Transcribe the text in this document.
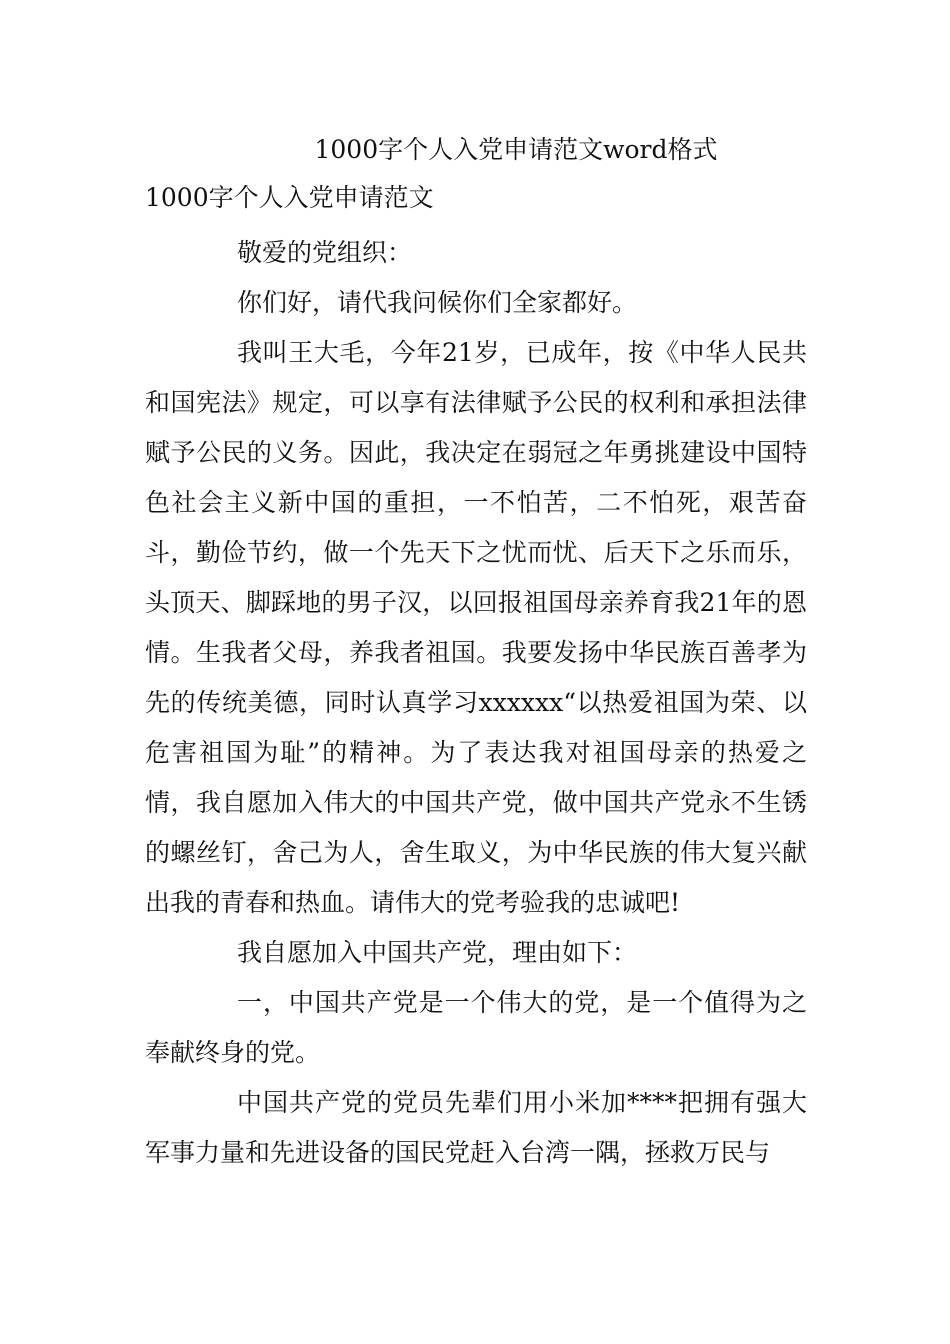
1000字个人入党申请范文word格式
1000字个人入党申请范文

敬爱的党组织：

你们好，请代我问候你们全家都好。

我叫王大毛，今年21岁，已成年，按《中华人民共和国宪法》规定，可以享有法律赋予公民的权利和承担法律赋予公民的义务。因此，我决定在弱冠之年勇挑建设中国特色社会主义新中国的重担，一不怕苦，二不怕死，艰苦奋斗，勤俭节约，做一个先天下之忧而忧、后天下之乐而乐，头顶天、脚踩地的男子汉，以回报祖国母亲养育我21年的恩情。生我者父母，养我者祖国。我要发扬中华民族百善孝为先的传统美德，同时认真学习xxxxxx“以热爱祖国为荣、以危害祖国为耻”的精神。为了表达我对祖国母亲的热爱之情，我自愿加入伟大的中国共产党，做中国共产党永不生锈的螺丝钉，舍己为人，舍生取义，为中华民族的伟大复兴献出我的青春和热血。请伟大的党考验我的忠诚吧!

我自愿加入中国共产党，理由如下：

一，中国共产党是一个伟大的党，是一个值得为之奉献终身的党。

中国共产党的党员先辈们用小米加****把拥有强大军事力量和先进设备的国民党赶入台湾一隅，拯救万民与
